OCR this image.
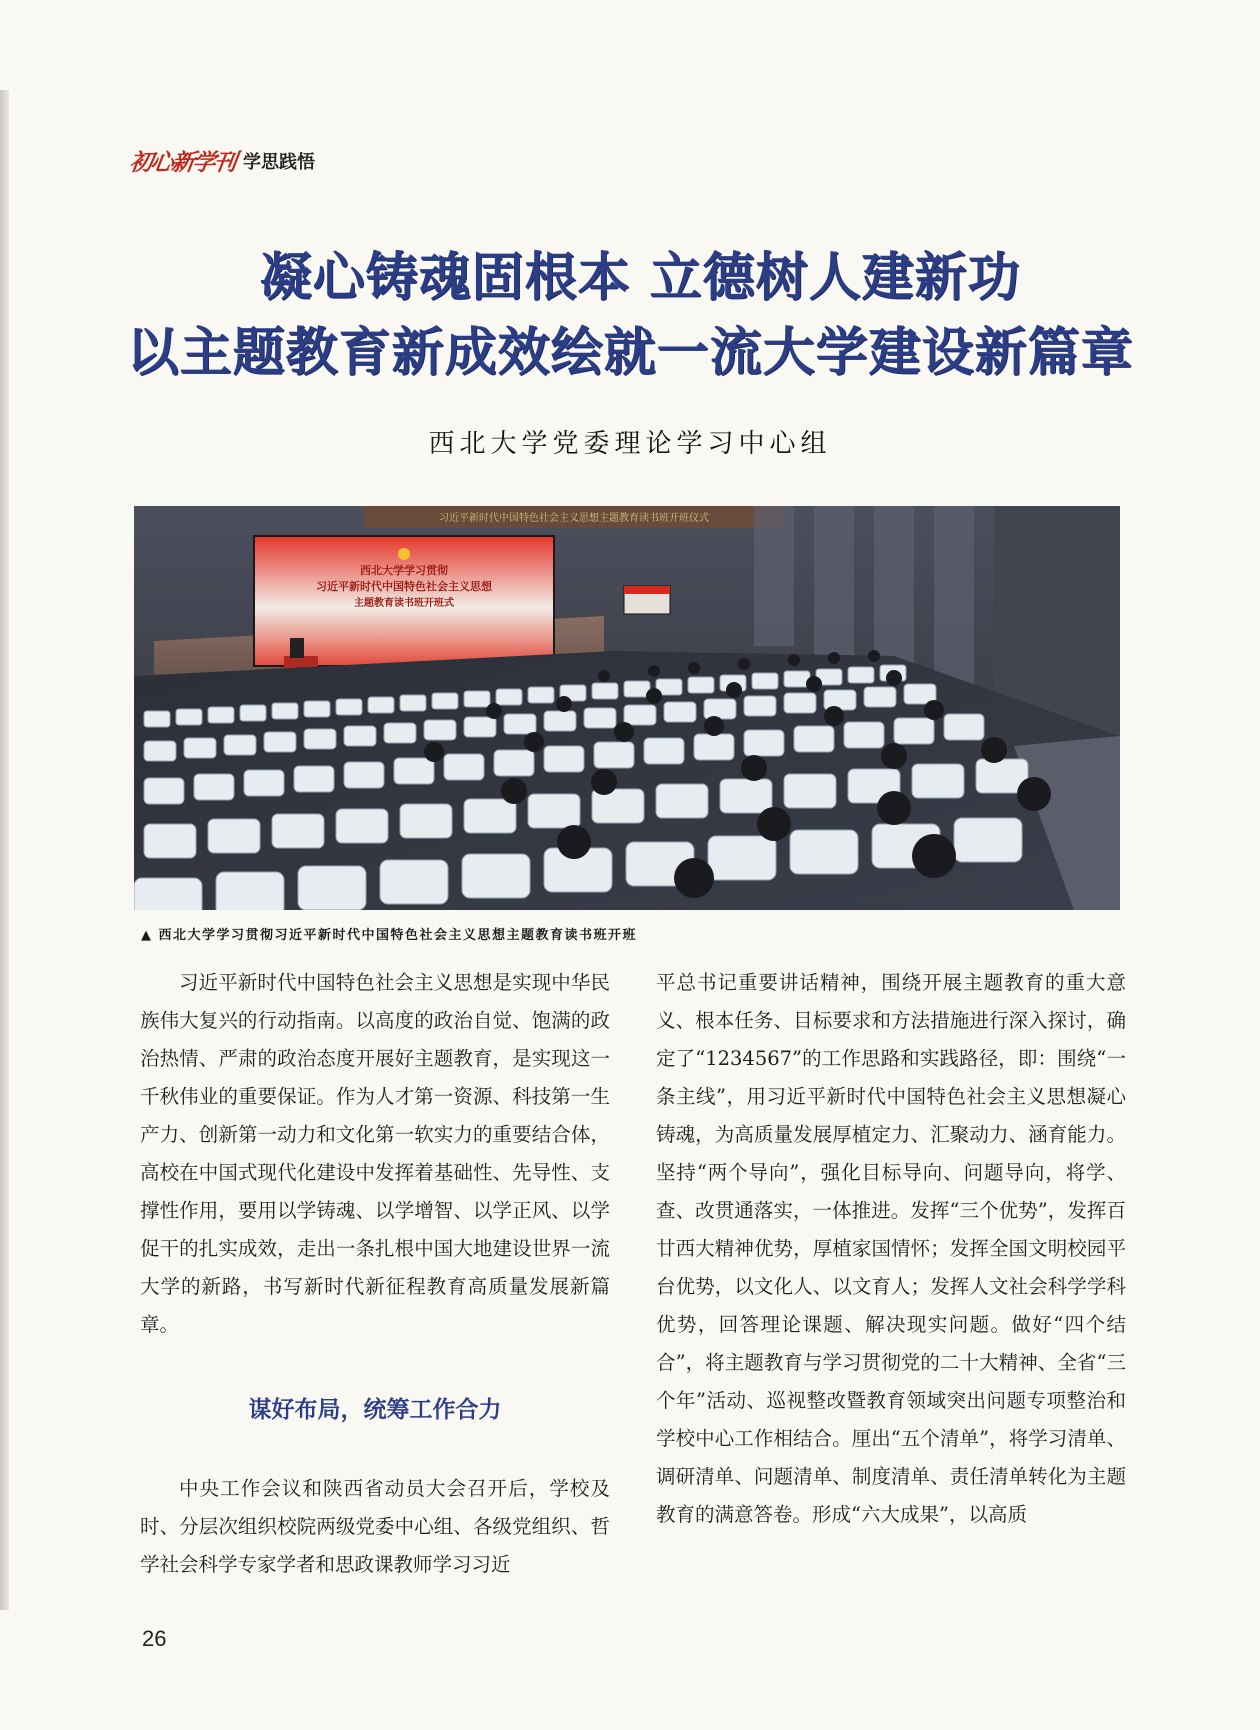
初心新学刊 学思践悟
凝心铸魂固根本 立德树人建新功
以主题教育新成效绘就一流大学建设新篇章
西北大学党委理论学习中心组
习近平新时代中国特色社会主义思想主题教育读书班开班仪式
西北大学学习贯彻
习近平新时代中国特色社会主义思想
主题教育读书班开班式
▲ 西北大学学习贯彻习近平新时代中国特色社会主义思想主题教育读书班开班

习近平新时代中国特色社会主义思想是实现中华民族伟大复兴的行动指南。以高度的政治自觉、饱满的政治热情、严肃的政治态度开展好主题教育，是实现这一千秋伟业的重要保证。作为人才第一资源、科技第一生产力、创新第一动力和文化第一软实力的重要结合体，高校在中国式现代化建设中发挥着基础性、先导性、支撑性作用，要用以学铸魂、以学增智、以学正风、以学促干的扎实成效，走出一条扎根中国大地建设世界一流大学的新路，书写新时代新征程教育高质量发展新篇章。

谋好布局，统筹工作合力

中央工作会议和陕西省动员大会召开后，学校及时、分层次组织校院两级党委中心组、各级党组织、哲学社会科学专家学者和思政课教师学习习近

平总书记重要讲话精神，围绕开展主题教育的重大意义、根本任务、目标要求和方法措施进行深入探讨，确定了“1234567”的工作思路和实践路径，即：围绕“一条主线”，用习近平新时代中国特色社会主义思想凝心铸魂，为高质量发展厚植定力、汇聚动力、涵育能力。坚持“两个导向”，强化目标导向、问题导向，将学、查、改贯通落实，一体推进。发挥“三个优势”，发挥百廿西大精神优势，厚植家国情怀；发挥全国文明校园平台优势，以文化人、以文育人；发挥人文社会科学学科优势，回答理论课题、解决现实问题。做好“四个结合”，将主题教育与学习贯彻党的二十大精神、全省“三个年”活动、巡视整改暨教育领域突出问题专项整治和学校中心工作相结合。厘出“五个清单”，将学习清单、调研清单、问题清单、制度清单、责任清单转化为主题教育的满意答卷。形成“六大成果”，以高质

26
